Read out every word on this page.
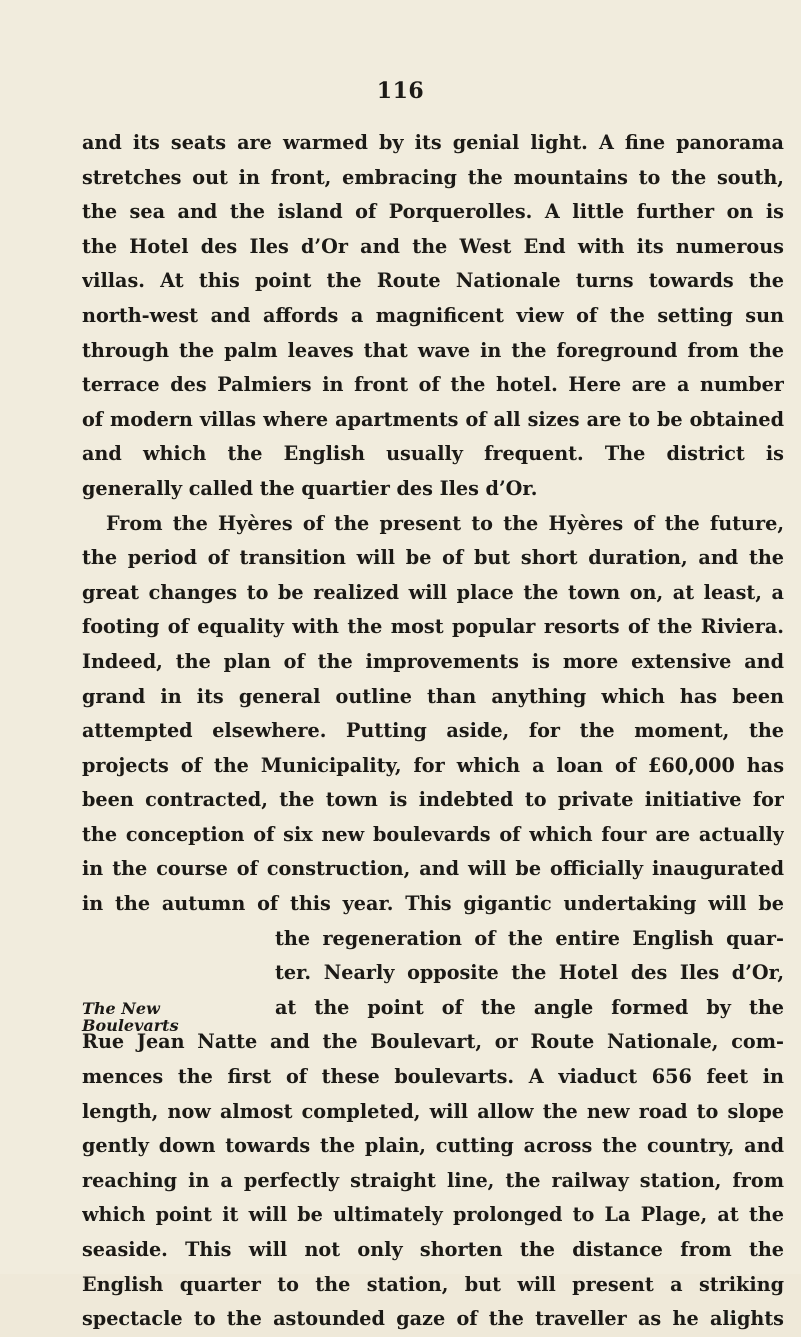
116
and its seats are warmed by its genial light. A fine panorama
stretches out in front, embracing the mountains to the south,
the sea and the island of Porquerolles. A little further on is
the Hotel des Iles d’Or and the West End with its numerous
villas. At this point the Route Nationale turns towards the
north-west and affords a magnificent view of the setting sun
through the palm leaves that wave in the foreground from the
terrace des Palmiers in front of the hotel. Here are a number
of modern villas where apartments of all sizes are to be obtained
and which the English usually frequent. The district is
generally called the quartier des Iles d’Or.
From the Hyères of the present to the Hyères of the future,
the period of transition will be of but short duration, and the
great changes to be realized will place the town on, at least, a
footing of equality with the most popular resorts of the Riviera.
Indeed, the plan of the improvements is more extensive and
grand in its general outline than anything which has been
attempted elsewhere. Putting aside, for the moment, the
projects of the Municipality, for which a loan of £60,000 has
been contracted, the town is indebted to private initiative for
the conception of six new boulevards of which four are actually
in the course of construction, and will be officially inaugurated
in the autumn of this year. This gigantic undertaking will be
the regeneration of the entire English quar-
ter. Nearly opposite the Hotel des Iles d’Or,
at the point of the angle formed by the
Rue Jean Natte and the Boulevart, or Route Nationale, com-
mences the first of these boulevarts. A viaduct 656 feet in
length, now almost completed, will allow the new road to slope
gently down towards the plain, cutting across the country, and
reaching in a perfectly straight line, the railway station, from
which point it will be ultimately prolonged to La Plage, at the
seaside. This will not only shorten the distance from the
English quarter to the station, but will present a striking
spectacle to the astounded gaze of the traveller as he alights
The New
Boulevarts
